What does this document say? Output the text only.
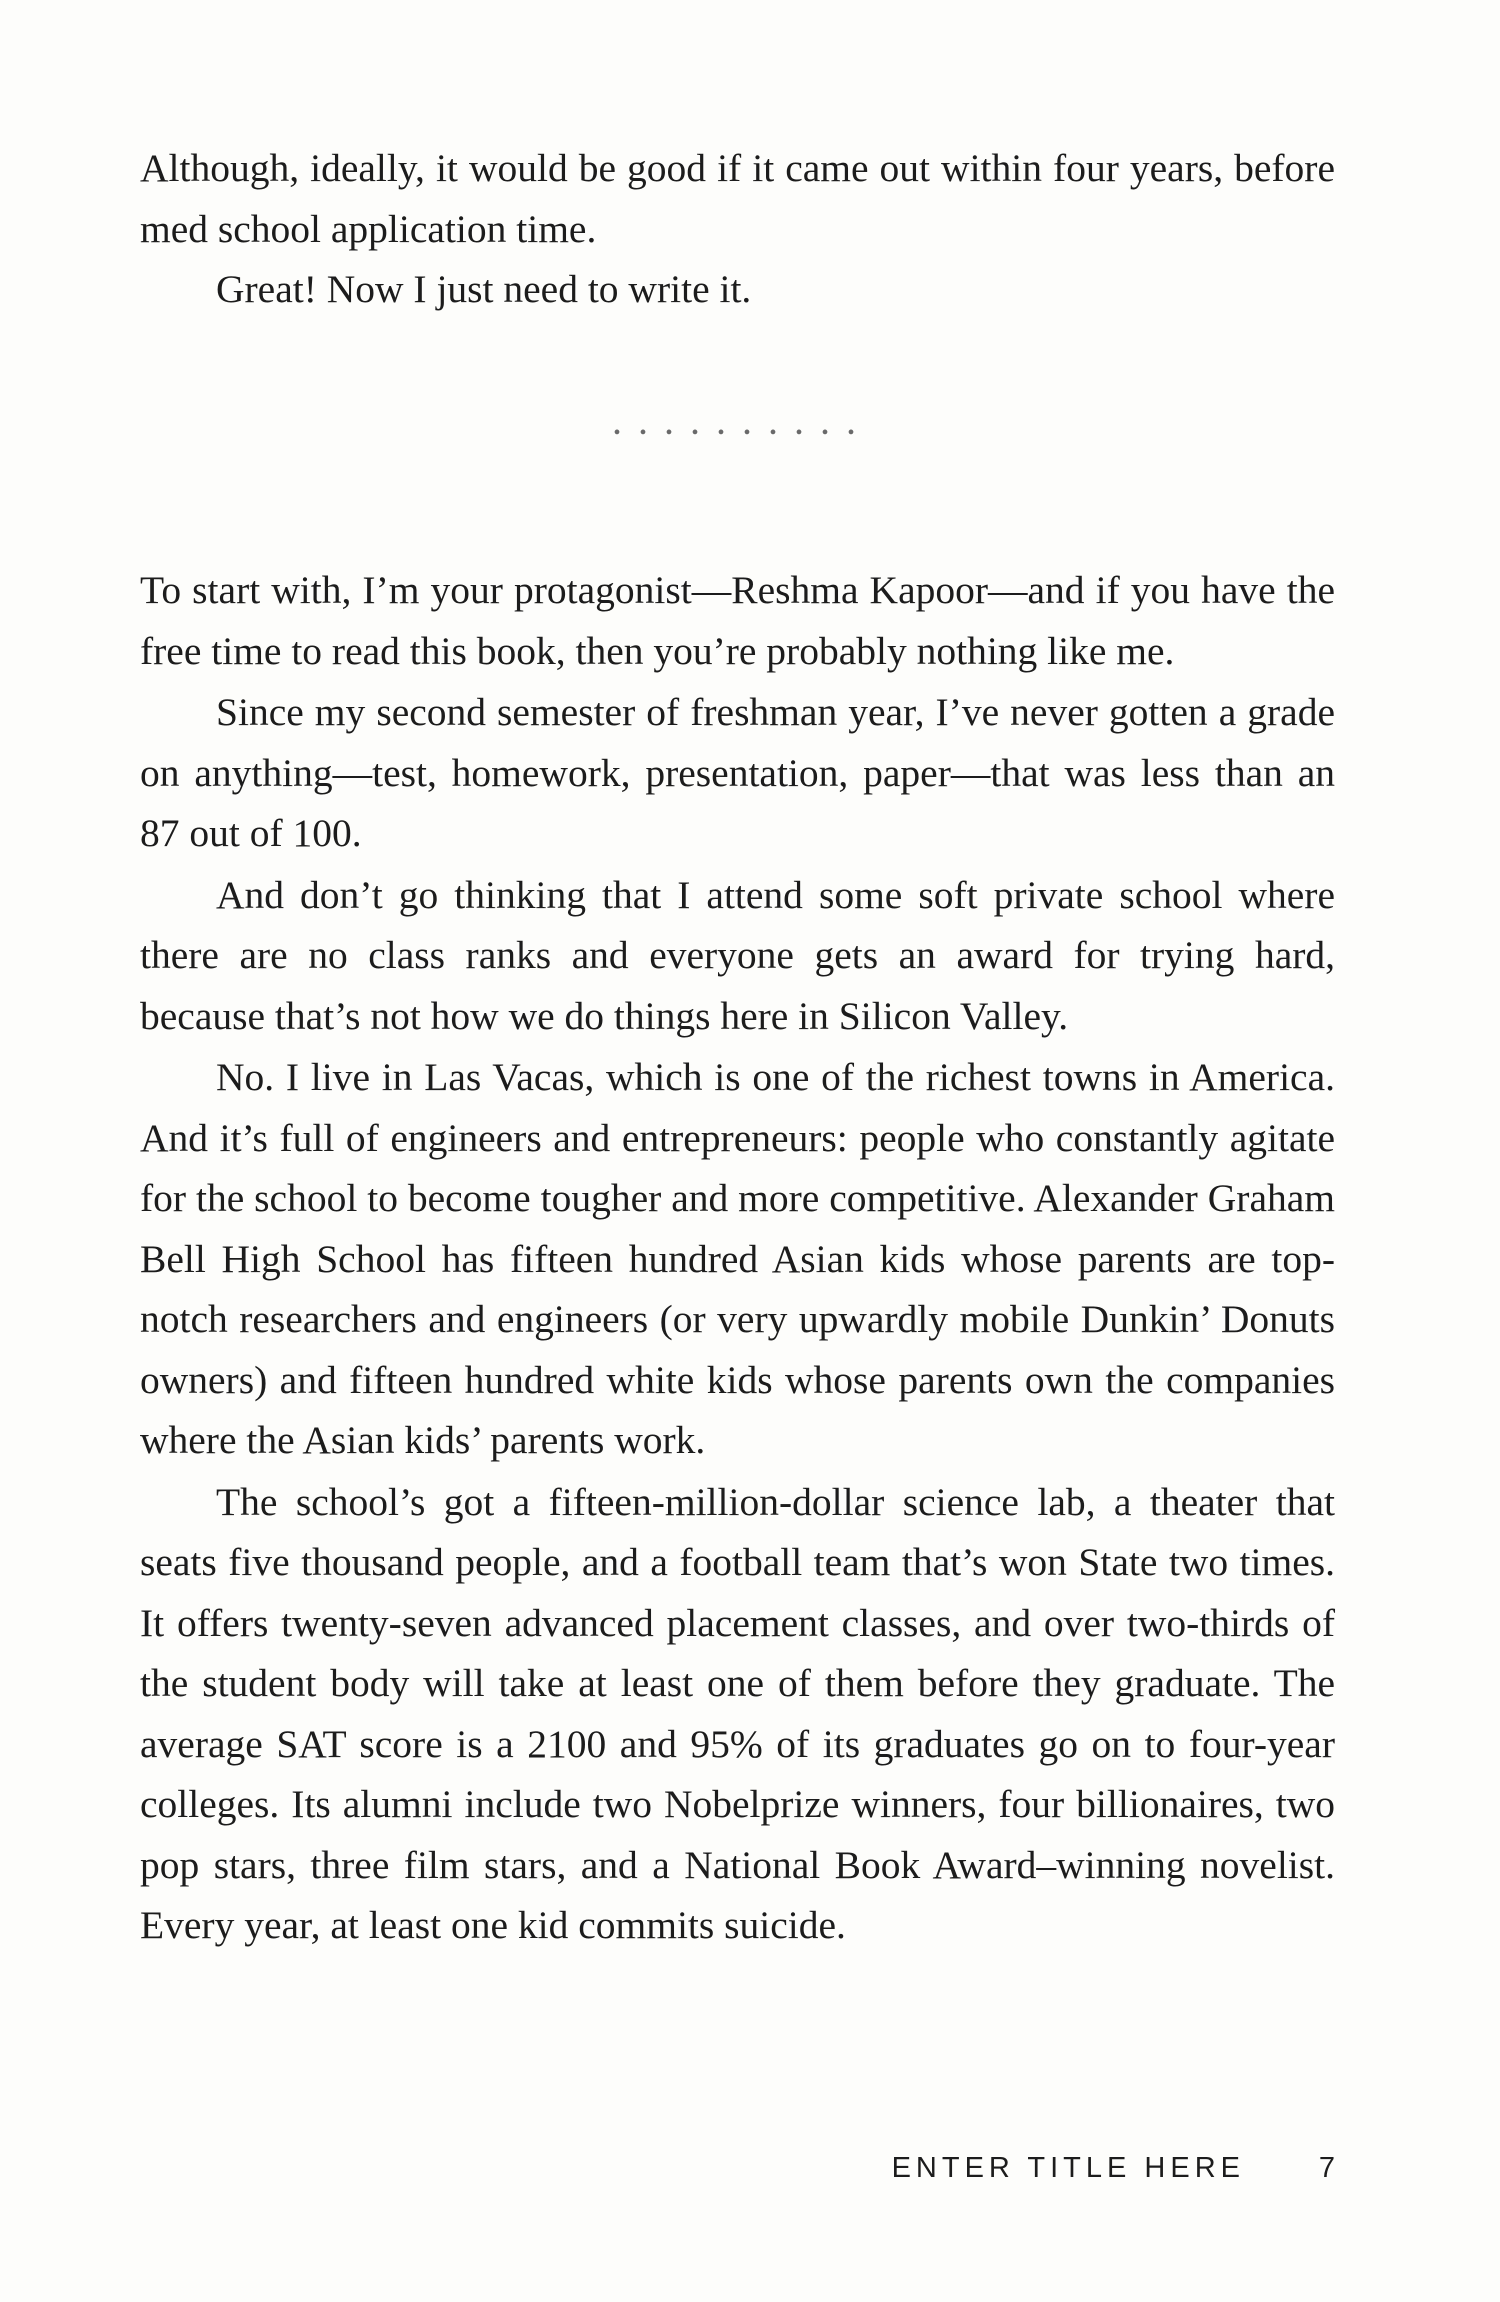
Although, ideally, it would be good if it came out within four years, before med school application time.

Great! Now I just need to write it.

• • • • • • • • • •

To start with, I’m your protagonist—Reshma Kapoor—and if you have the free time to read this book, then you’re probably nothing like me.

Since my second semester of freshman year, I’ve never gotten a grade on anything—test, homework, presentation, paper—that was less than an 87 out of 100.

And don’t go thinking that I attend some soft private school where there are no class ranks and everyone gets an award for trying hard, because that’s not how we do things here in Silicon Valley.

No. I live in Las Vacas, which is one of the richest towns in America. And it’s full of engineers and entrepreneurs: people who constantly agitate for the school to become tougher and more competitive. Alexander Graham Bell High School has fifteen hundred Asian kids whose parents are top-notch researchers and engineers (or very upwardly mobile Dunkin’ Donuts owners) and fifteen hundred white kids whose parents own the companies where the Asian kids’ parents work.

The school’s got a fifteen-million-dollar science lab, a theater that seats five thousand people, and a football team that’s won State two times. It offers twenty-seven advanced placement classes, and over two-thirds of the student body will take at least one of them before they graduate. The average SAT score is a 2100 and 95% of its graduates go on to four-year colleges. Its alumni include two Nobelprize winners, four billionaires, two pop stars, three film stars, and a National Book Award–winning novelist. Every year, at least one kid commits suicide.

ENTER TITLE HERE	7
